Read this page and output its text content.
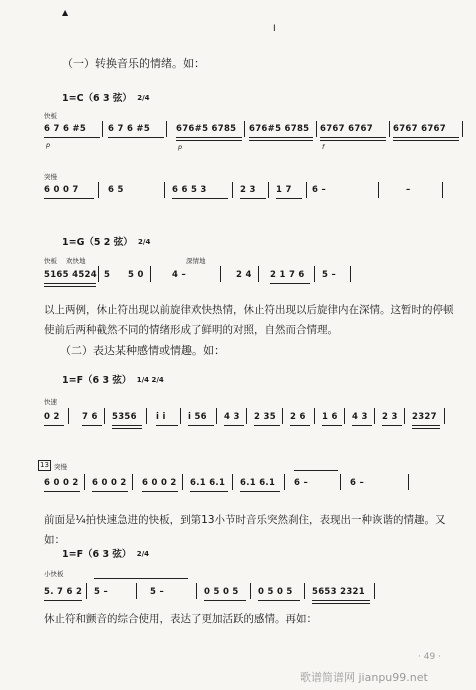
▲
Ⅰ
（一）转换音乐的情绪。如：
1=C（6 3 弦） 2/4
快板
6 7 6 #5	6 7 6 #5	676#5 6785 676#5 6785 6767 6767 6767 6767
p	p	f
突慢
6 0 0 7	6 5	6 6 5 3	2 3 1 7 6 –	–
1=G（5 2 弦） 2/4
快板 欢快地	深情地
5165 4524 5 5 0	4 –	2 4 2 1 7 6 5 –
以上两例，休止符出现以前旋律欢快热情，休止符出现以后旋律内在深情。这暂时的停顿使前后两种截然不同的情绪形成了鲜明的对照，自然而合情理。
（二）表达某种感情或情趣。如：
1=F（6 3 弦） 1/4 2/4
快速
0 2	7 6 5356 i i	i 56 4 3 2 35 2 6 1 6 4 3 2 3 2327
13 突慢
6 0 0 2 6 0 0 2 6 0 0 2 6.1 6.1 6.1 6.1 6 –	6 –
前面是¼拍快速急进的快板，到第13小节时音乐突然刹住，表现出一种诙谐的情趣。又如：
1=F（6 3 弦） 2/4
小快板
5. 7 6 2 5 –	5 –	0 5 0 5 0 5 0 5 5653 2321
休止符和颤音的综合使用，表达了更加活跃的感情。再如：
歌谱简谱网 jianpu99.net
· 49 ·
